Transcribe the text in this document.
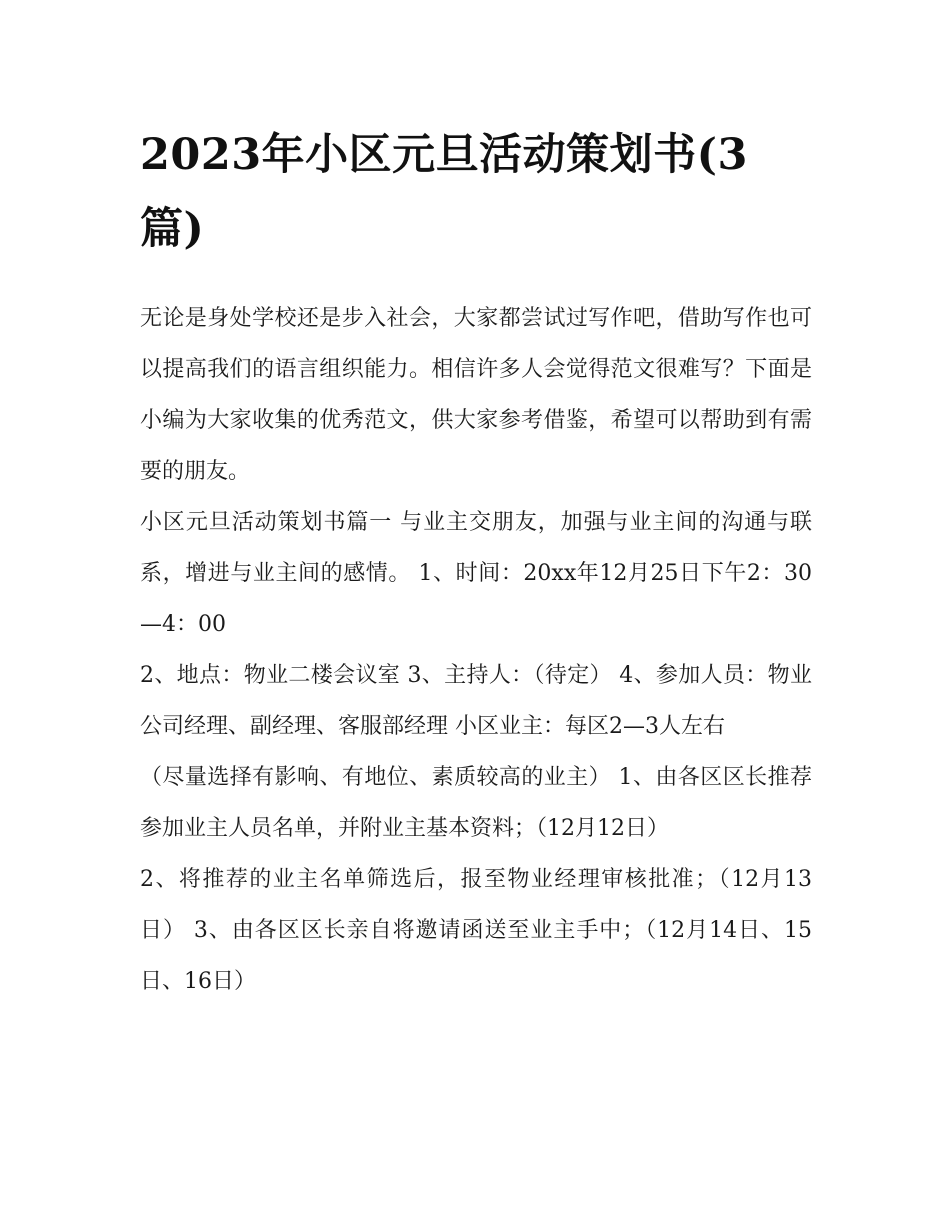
2023年小区元旦活动策划书(3篇)

无论是身处学校还是步入社会，大家都尝试过写作吧，借助写作也可以提高我们的语言组织能力。相信许多人会觉得范文很难写？下面是小编为大家收集的优秀范文，供大家参考借鉴，希望可以帮助到有需要的朋友。

小区元旦活动策划书篇一 与业主交朋友，加强与业主间的沟通与联系，增进与业主间的感情。 1、时间：20xx年12月25日下午2：30—4：00

2、地点：物业二楼会议室 3、主持人：（待定） 4、参加人员：物业公司经理、副经理、客服部经理 小区业主：每区2—3人左右

（尽量选择有影响、有地位、素质较高的业主） 1、由各区区长推荐参加业主人员名单，并附业主基本资料；（12月12日）

2、将推荐的业主名单筛选后，报至物业经理审核批准；（12月13日） 3、由各区区长亲自将邀请函送至业主手中；（12月14日、15日、16日）
